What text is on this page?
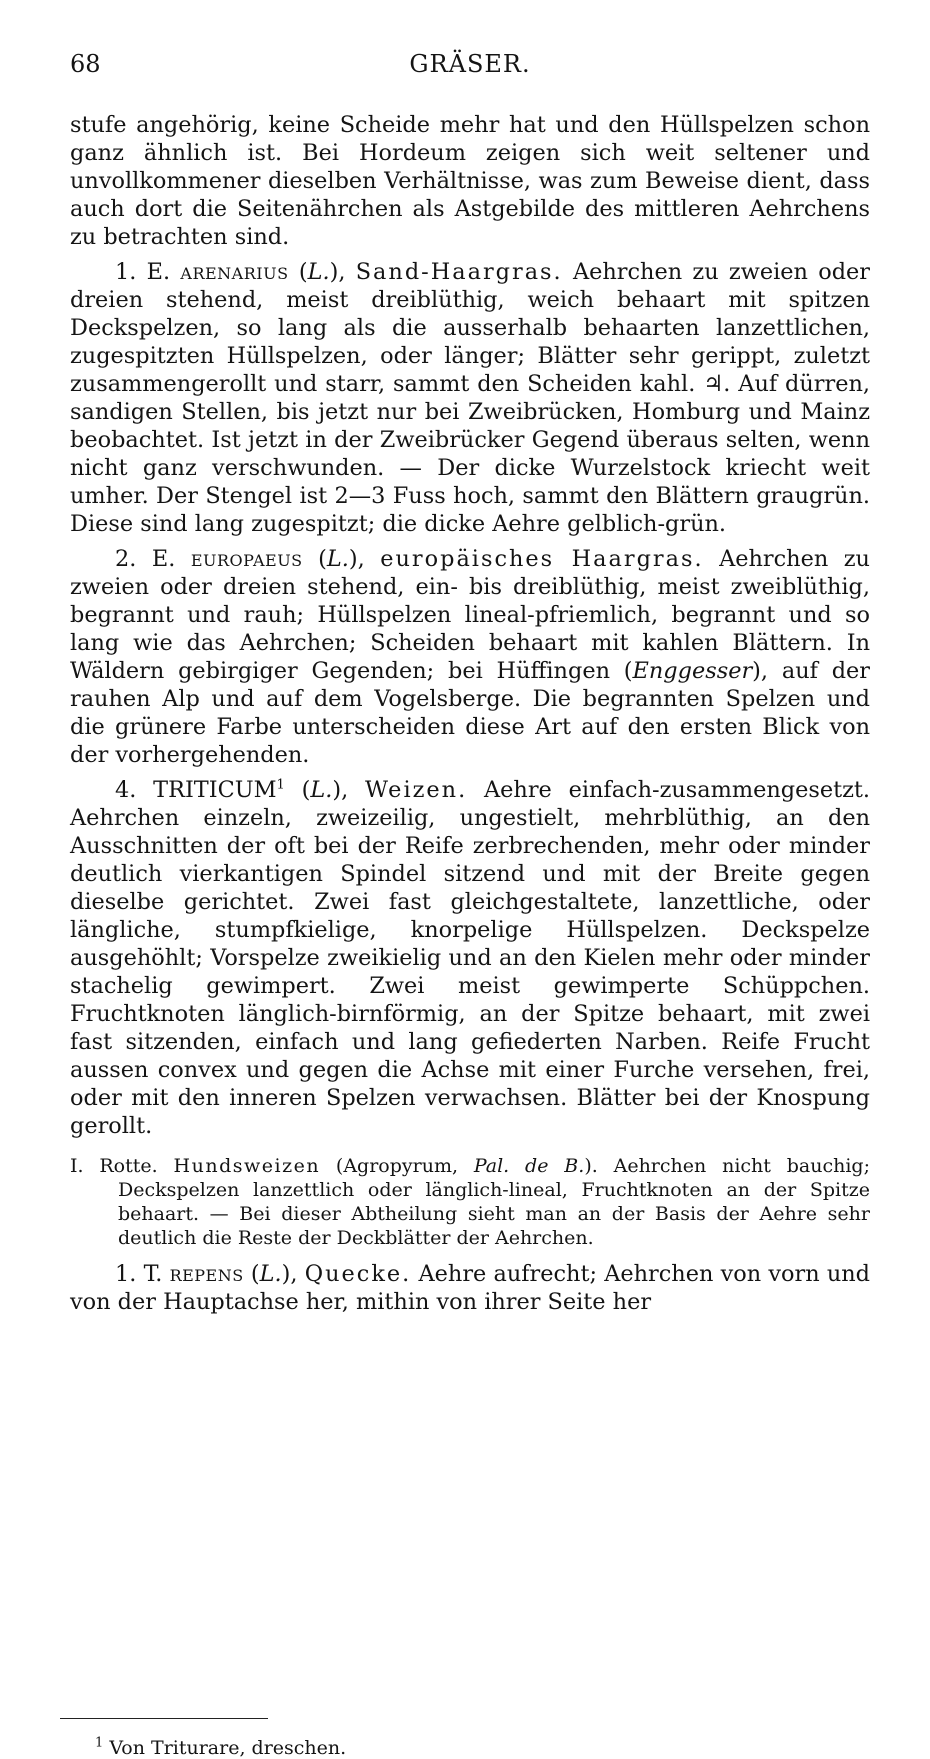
68	GRÄSER.

stufe angehörig, keine Scheide mehr hat und den Hüllspelzen schon ganz ähnlich ist. Bei Hordeum zeigen sich weit seltener und unvollkommener dieselben Verhältnisse, was zum Beweise dient, dass auch dort die Seitenährchen als Astgebilde des mittleren Aehrchens zu betrachten sind.

1. E. arenarius (L.), Sand-Haargras. Aehrchen zu zweien oder dreien stehend, meist dreiblüthig, weich behaart mit spitzen Deckspelzen, so lang als die ausserhalb behaarten lanzettlichen, zugespitzten Hüllspelzen, oder länger; Blätter sehr gerippt, zuletzt zusammengerollt und starr, sammt den Scheiden kahl. ♃. Auf dürren, sandigen Stellen, bis jetzt nur bei Zweibrücken, Homburg und Mainz beobachtet. Ist jetzt in der Zweibrücker Gegend überaus selten, wenn nicht ganz verschwunden. — Der dicke Wurzelstock kriecht weit umher. Der Stengel ist 2—3 Fuss hoch, sammt den Blättern graugrün. Diese sind lang zugespitzt; die dicke Aehre gelblich-grün.

2. E. europaeus (L.), europäisches Haargras. Aehrchen zu zweien oder dreien stehend, ein- bis dreiblüthig, meist zweiblüthig, begrannt und rauh; Hüllspelzen lineal-pfriemlich, begrannt und so lang wie das Aehrchen; Scheiden behaart mit kahlen Blättern. In Wäldern gebirgiger Gegenden; bei Hüffingen (Enggesser), auf der rauhen Alp und auf dem Vogelsberge. Die begrannten Spelzen und die grünere Farbe unterscheiden diese Art auf den ersten Blick von der vorhergehenden.

4. TRITICUM$^1$ (L.), Weizen. Aehre einfach-zusammengesetzt. Aehrchen einzeln, zweizeilig, ungestielt, mehrblüthig, an den Ausschnitten der oft bei der Reife zerbrechenden, mehr oder minder deutlich vierkantigen Spindel sitzend und mit der Breite gegen dieselbe gerichtet. Zwei fast gleichgestaltete, lanzettliche, oder längliche, stumpfkielige, knorpelige Hüllspelzen. Deckspelze ausgehöhlt; Vorspelze zweikielig und an den Kielen mehr oder minder stachelig gewimpert. Zwei meist gewimperte Schüppchen. Fruchtknoten länglich-birnförmig, an der Spitze behaart, mit zwei fast sitzenden, einfach und lang gefiederten Narben. Reife Frucht aussen convex und gegen die Achse mit einer Furche versehen, frei, oder mit den inneren Spelzen verwachsen. Blätter bei der Knospung gerollt.

I. Rotte. Hundsweizen (Agropyrum, Pal. de B.). Aehrchen nicht bauchig; Deckspelzen lanzettlich oder länglich-lineal, Fruchtknoten an der Spitze behaart. — Bei dieser Abtheilung sieht man an der Basis der Aehre sehr deutlich die Reste der Deckblätter der Aehrchen.

1. T. repens (L.), Quecke. Aehre aufrecht; Aehrchen von vorn und von der Hauptachse her, mithin von ihrer Seite her

$^1$ Von Triturare, dreschen.
